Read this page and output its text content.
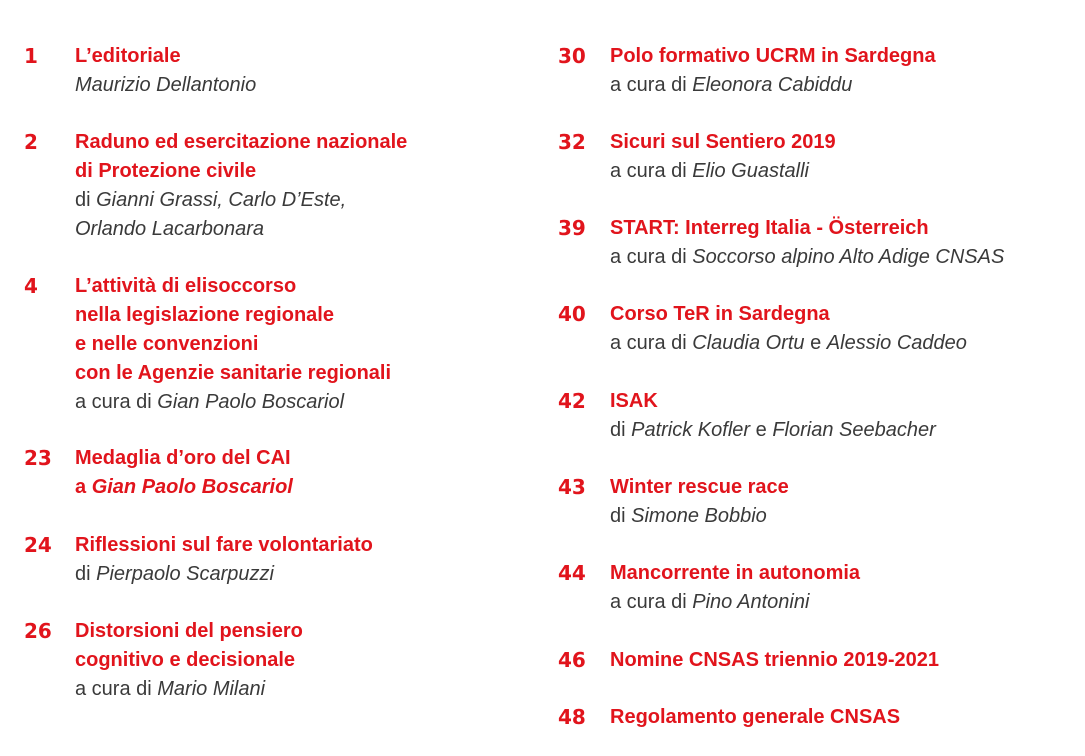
1 L’editoriale
Maurizio Dellantonio
2 Raduno ed esercitazione nazionale
di Protezione civile
di Gianni Grassi, Carlo D’Este,
Orlando Lacarbonara
4 L’attività di elisoccorso
nella legislazione regionale
e nelle convenzioni
con le Agenzie sanitarie regionali
a cura di Gian Paolo Boscariol
23 Medaglia d’oro del CAI
a Gian Paolo Boscariol
24 Riflessioni sul fare volontariato
di Pierpaolo Scarpuzzi
26 Distorsioni del pensiero
cognitivo e decisionale
a cura di Mario Milani
30 Polo formativo UCRM in Sardegna
a cura di Eleonora Cabiddu
32 Sicuri sul Sentiero 2019
a cura di Elio Guastalli
39 START: Interreg Italia - Österreich
a cura di Soccorso alpino Alto Adige CNSAS
40 Corso TeR in Sardegna
a cura di Claudia Ortu e Alessio Caddeo
42 ISAK
di Patrick Kofler e Florian Seebacher
43 Winter rescue race
di Simone Bobbio
44 Mancorrente in autonomia
a cura di Pino Antonini
46 Nomine CNSAS triennio 2019-2021
48 Regolamento generale CNSAS
